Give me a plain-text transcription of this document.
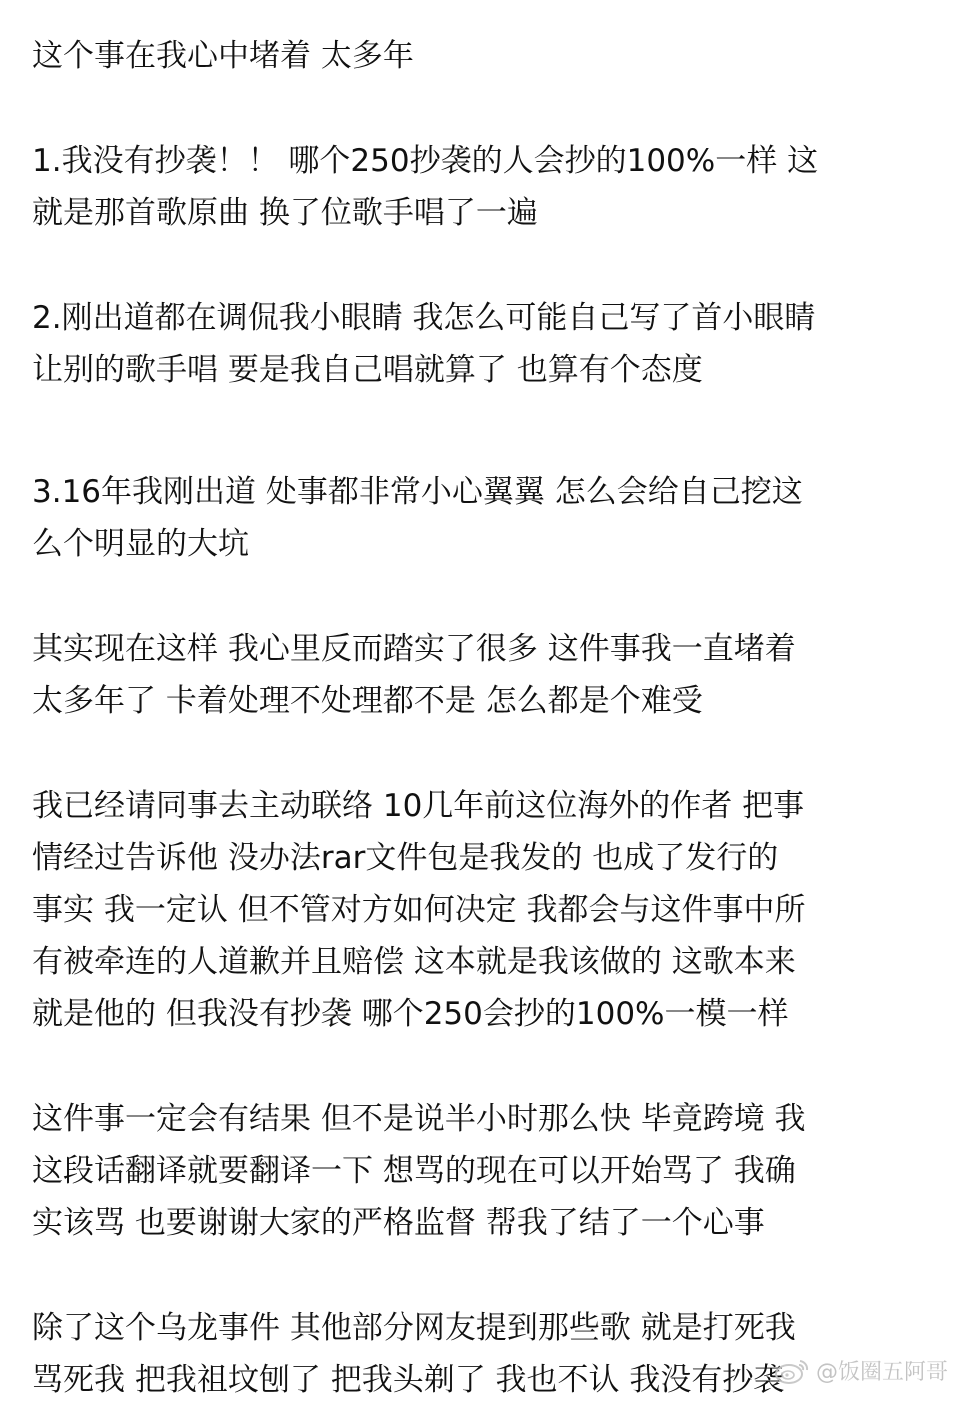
这个事在我心中堵着 太多年
1.我没有抄袭！！ 哪个250抄袭的人会抄的100%一样 这
就是那首歌原曲 换了位歌手唱了一遍
2.刚出道都在调侃我小眼睛 我怎么可能自己写了首小眼睛
让别的歌手唱 要是我自己唱就算了 也算有个态度
3.16年我刚出道 处事都非常小心翼翼 怎么会给自己挖这
么个明显的大坑
其实现在这样 我心里反而踏实了很多 这件事我一直堵着
太多年了 卡着处理不处理都不是 怎么都是个难受
我已经请同事去主动联络 10几年前这位海外的作者 把事
情经过告诉他 没办法rar文件包是我发的 也成了发行的
事实 我一定认 但不管对方如何决定 我都会与这件事中所
有被牵连的人道歉并且赔偿 这本就是我该做的 这歌本来
就是他的 但我没有抄袭 哪个250会抄的100%一模一样
这件事一定会有结果 但不是说半小时那么快 毕竟跨境 我
这段话翻译就要翻译一下 想骂的现在可以开始骂了 我确
实该骂 也要谢谢大家的严格监督 帮我了结了一个心事
除了这个乌龙事件 其他部分网友提到那些歌 就是打死我
骂死我 把我祖坟刨了 把我头剃了 我也不认 我没有抄袭	@饭圈五阿哥
